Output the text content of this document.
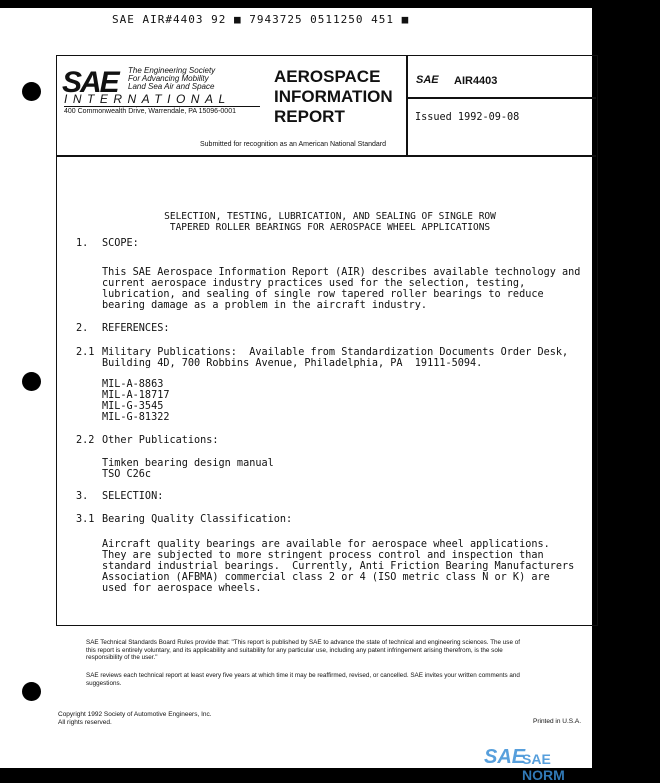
SAE AIR#4403 92 ■ 7943725 0511250 451 ■
SAE The Engineering Society
For Advancing Mobility
Land Sea Air and Space
INTERNATIONAL
400 Commonwealth Drive, Warrendale, PA 15096-0001
AEROSPACE
INFORMATION
REPORT
SAE AIR4403
Issued 1992-09-08
Submitted for recognition as an American National Standard

SELECTION, TESTING, LUBRICATION, AND SEALING OF SINGLE ROW
TAPERED ROLLER BEARINGS FOR AEROSPACE WHEEL APPLICATIONS

1. SCOPE:
This SAE Aerospace Information Report (AIR) describes available technology and
current aerospace industry practices used for the selection, testing,
lubrication, and sealing of single row tapered roller bearings to reduce
bearing damage as a problem in the aircraft industry.
2. REFERENCES:
2.1 Military Publications:  Available from Standardization Documents Order Desk,
Building 4D, 700 Robbins Avenue, Philadelphia, PA  19111-5094.
MIL-A-8863
MIL-A-18717
MIL-G-3545
MIL-G-81322
2.2 Other Publications:
Timken bearing design manual
TSO C26c
3. SELECTION:
3.1 Bearing Quality Classification:
Aircraft quality bearings are available for aerospace wheel applications.
They are subjected to more stringent process control and inspection than
standard industrial bearings.  Currently, Anti Friction Bearing Manufacturers
Association (AFBMA) commercial class 2 or 4 (ISO metric class N or K) are
used for aerospace wheels.
SAE Technical Standards Board Rules provide that: "This report is published by SAE to advance the state of technical and engineering sciences. The use of this report is entirely voluntary, and its applicability and suitability for any particular use, including any patent infringement arising therefrom, is the sole responsibility of the user."
SAE reviews each technical report at least every five years at which time it may be reaffirmed, revised, or cancelled. SAE invites your written comments and suggestions.
Copyright 1992 Society of Automotive Engineers, Inc.
All rights reserved.	Printed in U.S.A.
SAE
SAE NORM
